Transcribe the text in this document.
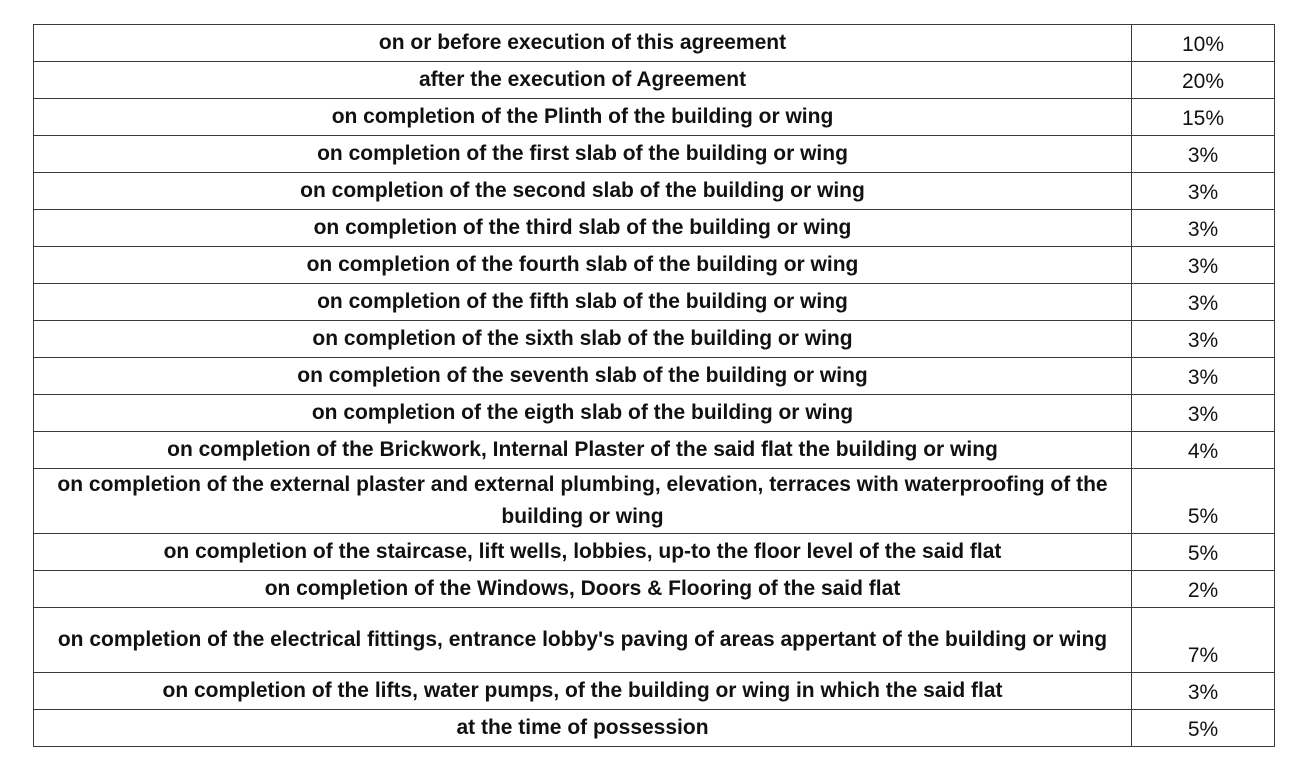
on or before execution of this agreement	10%
after the execution of Agreement	20%
on completion of the Plinth of the building or wing	15%
on completion of the first slab of the building or wing	3%
on completion of the second slab of the building or wing	3%
on completion of the third slab of the building or wing	3%
on completion of the fourth slab of the building or wing	3%
on completion of the fifth slab of the building or wing	3%
on completion of the sixth slab of the building or wing	3%
on completion of the seventh slab of the building or wing	3%
on completion of the eigth slab of the building or wing	3%
on completion of the Brickwork, Internal Plaster of the said flat the building or wing	4%
on completion of the external plaster and external plumbing, elevation, terraces with waterproofing of the building or wing	5%
on completion of the staircase, lift wells, lobbies, up-to the floor level of the said flat	5%
on completion of the Windows, Doors & Flooring of the said flat	2%
on completion of the electrical fittings, entrance lobby's paving of areas appertant of the building or wing	7%
on completion of the lifts, water pumps, of the building or wing in which the said flat	3%
at the time of possession	5%
